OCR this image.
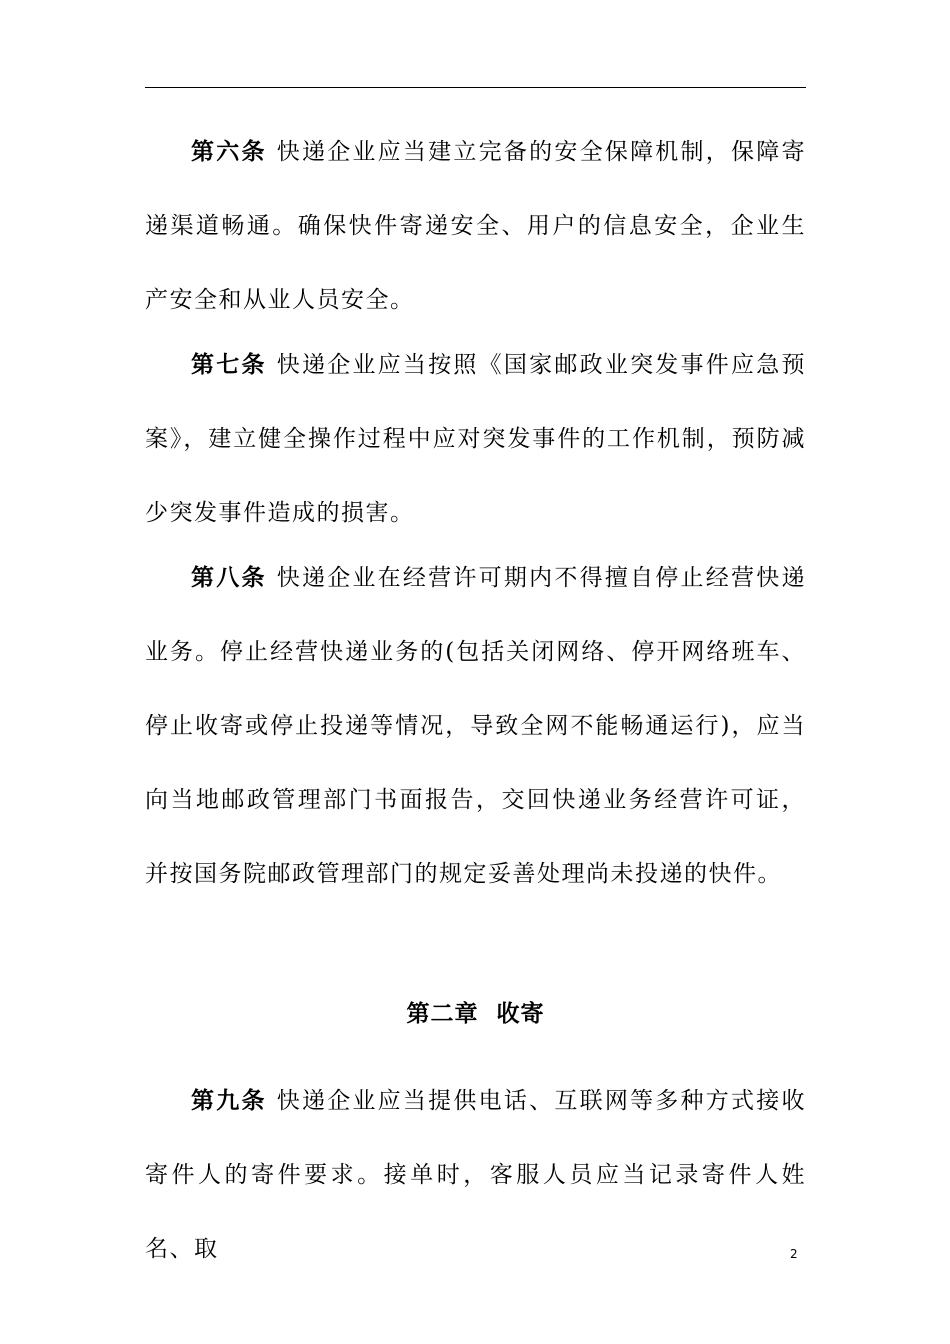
第六条 快递企业应当建立完备的安全保障机制，保障寄递渠道畅通。确保快件寄递安全、用户的信息安全，企业生产安全和从业人员安全。

第七条 快递企业应当按照《国家邮政业突发事件应急预案》，建立健全操作过程中应对突发事件的工作机制，预防减少突发事件造成的损害。

第八条 快递企业在经营许可期内不得擅自停止经营快递业务。停止经营快递业务的(包括关闭网络、停开网络班车、停止收寄或停止投递等情况，导致全网不能畅通运行)，应当向当地邮政管理部门书面报告，交回快递业务经营许可证，并按国务院邮政管理部门的规定妥善处理尚未投递的快件。

第二章  收寄

第九条 快递企业应当提供电话、互联网等多种方式接收寄件人的寄件要求。接单时，客服人员应当记录寄件人姓名、取	2
